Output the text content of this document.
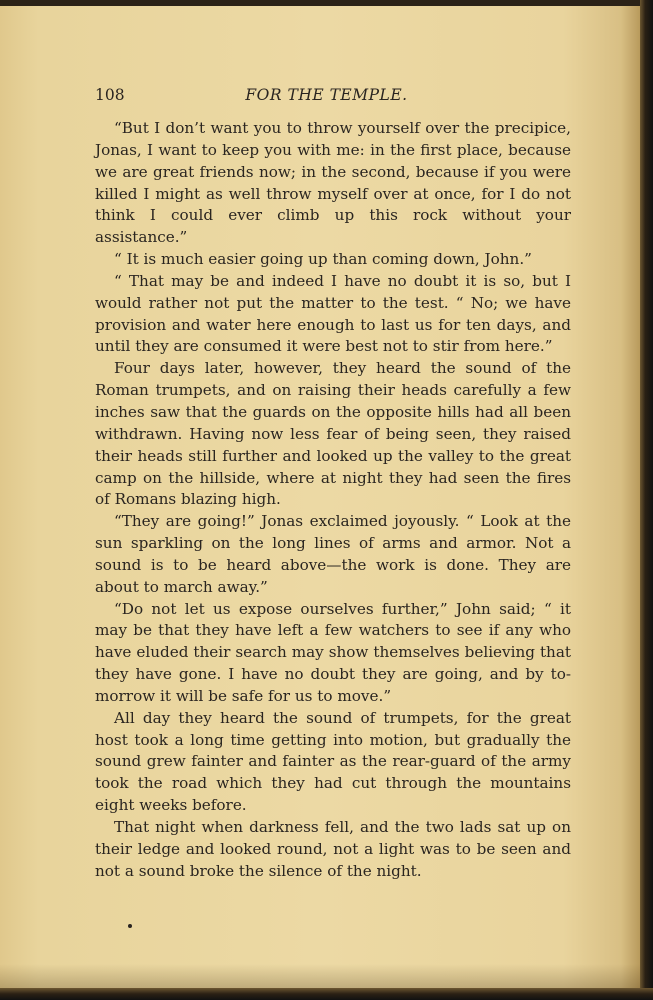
108	FOR THE TEMPLE.

“But I don’t want you to throw yourself over the precipice, Jonas, I want to keep you with me: in the first place, because we are great friends now; in the second, because if you were killed I might as well throw myself over at once, for I do not think I could ever climb up this rock without your assistance.”

“ It is much easier going up than coming down, John.”

“ That may be and indeed I have no doubt it is so, but I would rather not put the matter to the test. “ No; we have provision and water here enough to last us for ten days, and until they are consumed it were best not to stir from here.”

Four days later, however, they heard the sound of the Roman trumpets, and on raising their heads carefully a few inches saw that the guards on the opposite hills had all been withdrawn. Having now less fear of being seen, they raised their heads still further and looked up the valley to the great camp on the hillside, where at night they had seen the fires of Romans blazing high.

“They are going!” Jonas exclaimed joyously. “ Look at the sun sparkling on the long lines of arms and armor. Not a sound is to be heard above—the work is done. They are about to march away.”

“Do not let us expose ourselves further,” John said; “ it may be that they have left a few watchers to see if any who have eluded their search may show themselves believing that they have gone. I have no doubt they are going, and by to-morrow it will be safe for us to move.”

All day they heard the sound of trumpets, for the great host took a long time getting into motion, but gradually the sound grew fainter and fainter as the rear-guard of the army took the road which they had cut through the mountains eight weeks before.

That night when darkness fell, and the two lads sat up on their ledge and looked round, not a light was to be seen and not a sound broke the silence of the night.
